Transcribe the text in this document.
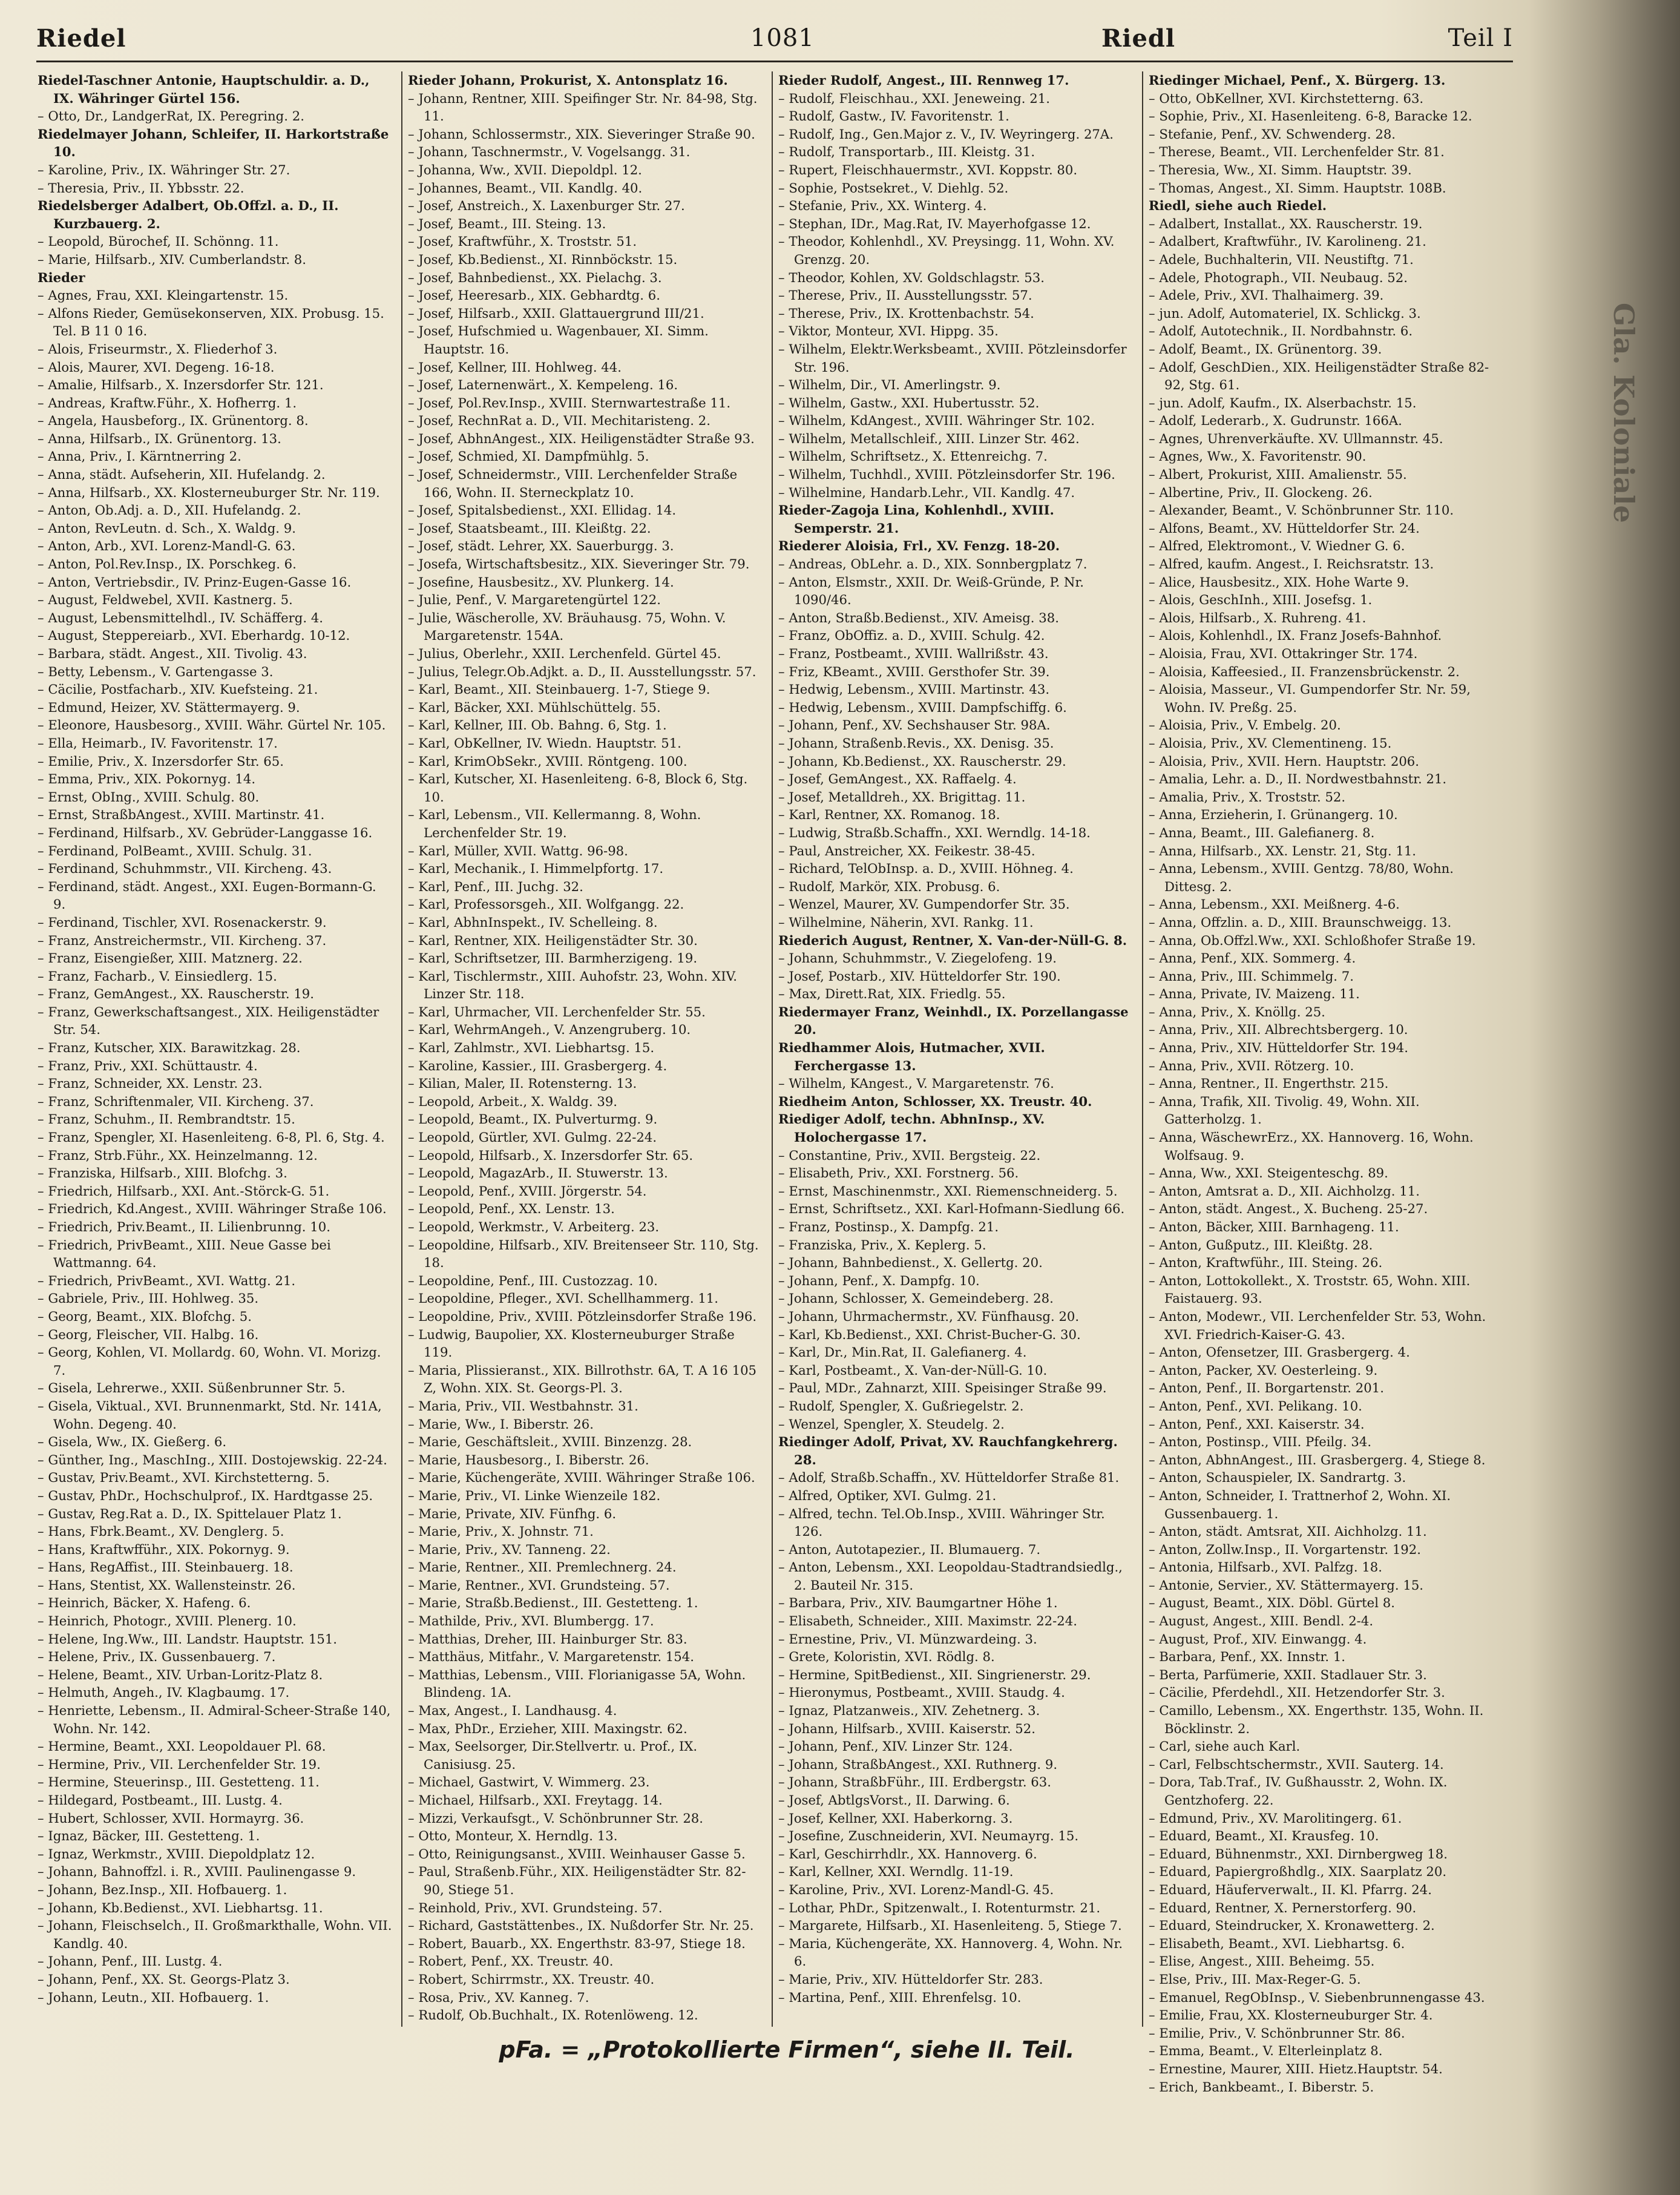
Riedel	1081	Riedl	Teil I
Riedel-Taschner Antonie, Hauptschuldir. a. D., IX. Währinger Gürtel 156.
– Otto, Dr., LandgerRat, IX. Peregring. 2.
Riedelmayer Johann, Schleifer, II. Harkortstraße 10.
– Karoline, Priv., IX. Währinger Str. 27.
– Theresia, Priv., II. Ybbsstr. 22.
Riedelsberger Adalbert, Ob.Offzl. a. D., II. Kurzbauerg. 2.
– Leopold, Bürochef, II. Schönng. 11.
– Marie, Hilfsarb., XIV. Cumberlandstr. 8.
Rieder
– Agnes, Frau, XXI. Kleingartenstr. 15.
– Alfons Rieder, Gemüsekonserven, XIX. Probusg. 15. Tel. B 11 0 16.
– Alois, Friseurmstr., X. Fliederhof 3.
– Alois, Maurer, XVI. Degeng. 16-18.
– Amalie, Hilfsarb., X. Inzersdorfer Str. 121.
– Andreas, Kraftw.Führ., X. Hofherrg. 1.
– Angela, Hausbeforg., IX. Grünentorg. 8.
– Anna, Hilfsarb., IX. Grünentorg. 13.
– Anna, Priv., I. Kärntnerring 2.
– Anna, städt. Aufseherin, XII. Hufelandg. 2.
– Anna, Hilfsarb., XX. Klosterneuburger Str. Nr. 119.
– Anton, Ob.Adj. a. D., XII. Hufelandg. 2.
– Anton, RevLeutn. d. Sch., X. Waldg. 9.
– Anton, Arb., XVI. Lorenz-Mandl-G. 63.
– Anton, Pol.Rev.Insp., IX. Porschkeg. 6.
– Anton, Vertriebsdir., IV. Prinz-Eugen-Gasse 16.
– August, Feldwebel, XVII. Kastnerg. 5.
– August, Lebensmittelhdl., IV. Schäfferg. 4.
– August, Steppereiarb., XVI. Eberhardg. 10-12.
– Barbara, städt. Angest., XII. Tivolig. 43.
– Betty, Lebensm., V. Gartengasse 3.
– Cäcilie, Postfacharb., XIV. Kuefsteing. 21.
– Edmund, Heizer, XV. Stättermayerg. 9.
– Eleonore, Hausbesorg., XVIII. Währ. Gürtel Nr. 105.
– Ella, Heimarb., IV. Favoritenstr. 17.
– Emilie, Priv., X. Inzersdorfer Str. 65.
– Emma, Priv., XIX. Pokornyg. 14.
– Ernst, ObIng., XVIII. Schulg. 80.
– Ernst, StraßbAngest., XVIII. Martinstr. 41.
– Ferdinand, Hilfsarb., XV. Gebrüder-Langgasse 16.
– Ferdinand, PolBeamt., XVIII. Schulg. 31.
– Ferdinand, Schuhmmstr., VII. Kircheng. 43.
– Ferdinand, städt. Angest., XXI. Eugen-Bormann-G. 9.
– Ferdinand, Tischler, XVI. Rosenackerstr. 9.
– Franz, Anstreichermstr., VII. Kircheng. 37.
– Franz, Eisengießer, XIII. Matznerg. 22.
– Franz, Facharb., V. Einsiedlerg. 15.
– Franz, GemAngest., XX. Rauscherstr. 19.
– Franz, Gewerkschaftsangest., XIX. Heiligenstädter Str. 54.
– Franz, Kutscher, XIX. Barawitzkag. 28.
– Franz, Priv., XXI. Schüttaustr. 4.
– Franz, Schneider, XX. Lenstr. 23.
– Franz, Schriftenmaler, VII. Kircheng. 37.
– Franz, Schuhm., II. Rembrandtstr. 15.
– Franz, Spengler, XI. Hasenleiteng. 6-8, Pl. 6, Stg. 4.
– Franz, Strb.Führ., XX. Heinzelmanng. 12.
– Franziska, Hilfsarb., XIII. Blofchg. 3.
– Friedrich, Hilfsarb., XXI. Ant.-Störck-G. 51.
– Friedrich, Kd.Angest., XVIII. Währinger Straße 106.
– Friedrich, Priv.Beamt., II. Lilienbrunng. 10.
– Friedrich, PrivBeamt., XIII. Neue Gasse bei Wattmanng. 64.
– Friedrich, PrivBeamt., XVI. Wattg. 21.
– Gabriele, Priv., III. Hohlweg. 35.
– Georg, Beamt., XIX. Blofchg. 5.
– Georg, Fleischer, VII. Halbg. 16.
– Georg, Kohlen, VI. Mollardg. 60, Wohn. VI. Morizg. 7.
– Gisela, Lehrerwe., XXII. Süßenbrunner Str. 5.
– Gisela, Viktual., XVI. Brunnenmarkt, Std. Nr. 141A, Wohn. Degeng. 40.
– Gisela, Ww., IX. Gießerg. 6.
– Günther, Ing., MaschIng., XIII. Dostojewskig. 22-24.
– Gustav, Priv.Beamt., XVI. Kirchstetterng. 5.
– Gustav, PhDr., Hochschulprof., IX. Hardtgasse 25.
– Gustav, Reg.Rat a. D., IX. Spittelauer Platz 1.
– Hans, Fbrk.Beamt., XV. Denglerg. 5.
– Hans, Kraftwfführ., XIX. Pokornyg. 9.
– Hans, RegAffist., III. Steinbauerg. 18.
– Hans, Stentist, XX. Wallensteinstr. 26.
– Heinrich, Bäcker, X. Hafeng. 6.
– Heinrich, Photogr., XVIII. Plenerg. 10.
– Helene, Ing.Ww., III. Landstr. Hauptstr. 151.
– Helene, Priv., IX. Gussenbauerg. 7.
– Helene, Beamt., XIV. Urban-Loritz-Platz 8.
– Helmuth, Angeh., IV. Klagbaumg. 17.
– Henriette, Lebensm., II. Admiral-Scheer-Straße 140, Wohn. Nr. 142.
– Hermine, Beamt., XXI. Leopoldauer Pl. 68.
– Hermine, Priv., VII. Lerchenfelder Str. 19.
– Hermine, Steuerinsp., III. Gestetteng. 11.
– Hildegard, Postbeamt., III. Lustg. 4.
– Hubert, Schlosser, XVII. Hormayrg. 36.
– Ignaz, Bäcker, III. Gestetteng. 1.
– Ignaz, Werkmstr., XVIII. Diepoldplatz 12.
– Johann, Bahnoffzl. i. R., XVIII. Paulinengasse 9.
– Johann, Bez.Insp., XII. Hofbauerg. 1.
– Johann, Kb.Bedienst., XVI. Liebhartsg. 11.
– Johann, Fleischselch., II. Großmarkthalle, Wohn. VII. Kandlg. 40.
– Johann, Penf., III. Lustg. 4.
– Johann, Penf., XX. St. Georgs-Platz 3.
– Johann, Leutn., XII. Hofbauerg. 1.
Rieder Johann, Prokurist, X. Antonsplatz 16.
– Johann, Rentner, XIII. Speifinger Str. Nr. 84-98, Stg. 11.
– Johann, Schlossermstr., XIX. Sieveringer Straße 90.
– Johann, Taschnermstr., V. Vogelsangg. 31.
– Johanna, Ww., XVII. Diepoldpl. 12.
– Johannes, Beamt., VII. Kandlg. 40.
– Josef, Anstreich., X. Laxenburger Str. 27.
– Josef, Beamt., III. Steing. 13.
– Josef, Kraftwführ., X. Troststr. 51.
– Josef, Kb.Bedienst., XI. Rinnböckstr. 15.
– Josef, Bahnbedienst., XX. Pielachg. 3.
– Josef, Heeresarb., XIX. Gebhardtg. 6.
– Josef, Hilfsarb., XXII. Glattauergrund III/21.
– Josef, Hufschmied u. Wagenbauer, XI. Simm. Hauptstr. 16.
– Josef, Kellner, III. Hohlweg. 44.
– Josef, Laternenwärt., X. Kempeleng. 16.
– Josef, Pol.Rev.Insp., XVIII. Sternwartestraße 11.
– Josef, RechnRat a. D., VII. Mechitaristeng. 2.
– Josef, AbhnAngest., XIX. Heiligenstädter Straße 93.
– Josef, Schmied, XI. Dampfmühlg. 5.
– Josef, Schneidermstr., VIII. Lerchenfelder Straße 166, Wohn. II. Sterneckplatz 10.
– Josef, Spitalsbedienst., XXI. Ellidag. 14.
– Josef, Staatsbeamt., III. Kleißtg. 22.
– Josef, städt. Lehrer, XX. Sauerburgg. 3.
– Josefa, Wirtschaftsbesitz., XIX. Sieveringer Str. 79.
– Josefine, Hausbesitz., XV. Plunkerg. 14.
– Julie, Penf., V. Margaretengürtel 122.
– Julie, Wäscherolle, XV. Bräuhausg. 75, Wohn. V. Margaretenstr. 154A.
– Julius, Oberlehr., XXII. Lerchenfeld. Gürtel 45.
– Julius, Telegr.Ob.Adjkt. a. D., II. Ausstellungsstr. 57.
– Karl, Beamt., XII. Steinbauerg. 1-7, Stiege 9.
– Karl, Bäcker, XXI. Mühlschüttelg. 55.
– Karl, Kellner, III. Ob. Bahng. 6, Stg. 1.
– Karl, ObKellner, IV. Wiedn. Hauptstr. 51.
– Karl, KrimObSekr., XVIII. Röntgeng. 100.
– Karl, Kutscher, XI. Hasenleiteng. 6-8, Block 6, Stg. 10.
– Karl, Lebensm., VII. Kellermanng. 8, Wohn. Lerchenfelder Str. 19.
– Karl, Müller, XVII. Wattg. 96-98.
– Karl, Mechanik., I. Himmelpfortg. 17.
– Karl, Penf., III. Juchg. 32.
– Karl, Professorsgeh., XII. Wolfgangg. 22.
– Karl, AbhnInspekt., IV. Schelleing. 8.
– Karl, Rentner, XIX. Heiligenstädter Str. 30.
– Karl, Schriftsetzer, III. Barmherzigeng. 19.
– Karl, Tischlermstr., XIII. Auhofstr. 23, Wohn. XIV. Linzer Str. 118.
– Karl, Uhrmacher, VII. Lerchenfelder Str. 55.
– Karl, WehrmAngeh., V. Anzengruberg. 10.
– Karl, Zahlmstr., XVI. Liebhartsg. 15.
– Karoline, Kassier., III. Grasbergerg. 4.
– Kilian, Maler, II. Rotensterng. 13.
– Leopold, Arbeit., X. Waldg. 39.
– Leopold, Beamt., IX. Pulverturmg. 9.
– Leopold, Gürtler, XVI. Gulmg. 22-24.
– Leopold, Hilfsarb., X. Inzersdorfer Str. 65.
– Leopold, MagazArb., II. Stuwerstr. 13.
– Leopold, Penf., XVIII. Jörgerstr. 54.
– Leopold, Penf., XX. Lenstr. 13.
– Leopold, Werkmstr., V. Arbeiterg. 23.
– Leopoldine, Hilfsarb., XIV. Breitenseer Str. 110, Stg. 18.
– Leopoldine, Penf., III. Custozzag. 10.
– Leopoldine, Pfleger., XVI. Schellhammerg. 11.
– Leopoldine, Priv., XVIII. Pötzleinsdorfer Straße 196.
– Ludwig, Baupolier, XX. Klosterneuburger Straße 119.
– Maria, Plissieranst., XIX. Billrothstr. 6A, T. A 16 105 Z, Wohn. XIX. St. Georgs-Pl. 3.
– Maria, Priv., VII. Westbahnstr. 31.
– Marie, Ww., I. Biberstr. 26.
– Marie, Geschäftsleit., XVIII. Binzenzg. 28.
– Marie, Hausbesorg., I. Biberstr. 26.
– Marie, Küchengeräte, XVIII. Währinger Straße 106.
– Marie, Priv., VI. Linke Wienzeile 182.
– Marie, Private, XIV. Fünfhg. 6.
– Marie, Priv., X. Johnstr. 71.
– Marie, Priv., XV. Tanneng. 22.
– Marie, Rentner., XII. Premlechnerg. 24.
– Marie, Rentner., XVI. Grundsteing. 57.
– Marie, Straßb.Bedienst., III. Gestetteng. 1.
– Mathilde, Priv., XVI. Blumbergg. 17.
– Matthias, Dreher, III. Hainburger Str. 83.
– Matthäus, Mitfahr., V. Margaretenstr. 154.
– Matthias, Lebensm., VIII. Florianigasse 5A, Wohn. Blindeng. 1A.
– Max, Angest., I. Landhausg. 4.
– Max, PhDr., Erzieher, XIII. Maxingstr. 62.
– Max, Seelsorger, Dir.Stellvertr. u. Prof., IX. Canisiusg. 25.
– Michael, Gastwirt, V. Wimmerg. 23.
– Michael, Hilfsarb., XXI. Freytagg. 14.
– Mizzi, Verkaufsgt., V. Schönbrunner Str. 28.
– Otto, Monteur, X. Herndlg. 13.
– Otto, Reinigungsanst., XVIII. Weinhauser Gasse 5.
– Paul, Straßenb.Führ., XIX. Heiligenstädter Str. 82-90, Stiege 51.
– Reinhold, Priv., XVI. Grundsteing. 57.
– Richard, Gaststättenbes., IX. Nußdorfer Str. Nr. 25.
– Robert, Bauarb., XX. Engerthstr. 83-97, Stiege 18.
– Robert, Penf., XX. Treustr. 40.
– Robert, Schirrmstr., XX. Treustr. 40.
– Rosa, Priv., XV. Kanneg. 7.
– Rudolf, Ob.Buchhalt., IX. Rotenlöweng. 12.
Rieder Rudolf, Angest., III. Rennweg 17.
– Rudolf, Fleischhau., XXI. Jeneweing. 21.
– Rudolf, Gastw., IV. Favoritenstr. 1.
– Rudolf, Ing., Gen.Major z. V., IV. Weyringerg. 27A.
– Rudolf, Transportarb., III. Kleistg. 31.
– Rupert, Fleischhauermstr., XVI. Koppstr. 80.
– Sophie, Postsekret., V. Diehlg. 52.
– Stefanie, Priv., XX. Winterg. 4.
– Stephan, IDr., Mag.Rat, IV. Mayerhofgasse 12.
– Theodor, Kohlenhdl., XV. Preysingg. 11, Wohn. XV. Grenzg. 20.
– Theodor, Kohlen, XV. Goldschlagstr. 53.
– Therese, Priv., II. Ausstellungsstr. 57.
– Therese, Priv., IX. Krottenbachstr. 54.
– Viktor, Monteur, XVI. Hippg. 35.
– Wilhelm, Elektr.Werksbeamt., XVIII. Pötzleinsdorfer Str. 196.
– Wilhelm, Dir., VI. Amerlingstr. 9.
– Wilhelm, Gastw., XXI. Hubertusstr. 52.
– Wilhelm, KdAngest., XVIII. Währinger Str. 102.
– Wilhelm, Metallschleif., XIII. Linzer Str. 462.
– Wilhelm, Schriftsetz., X. Ettenreichg. 7.
– Wilhelm, Tuchhdl., XVIII. Pötzleinsdorfer Str. 196.
– Wilhelmine, Handarb.Lehr., VII. Kandlg. 47.
Rieder-Zagoja Lina, Kohlenhdl., XVIII. Semperstr. 21.
Riederer Aloisia, Frl., XV. Fenzg. 18-20.
– Andreas, ObLehr. a. D., XIX. Sonnbergplatz 7.
– Anton, Elsmstr., XXII. Dr. Weiß-Gründe, P. Nr. 1090/46.
– Anton, Straßb.Bedienst., XIV. Ameisg. 38.
– Franz, ObOffiz. a. D., XVIII. Schulg. 42.
– Franz, Postbeamt., XVIII. Wallrißstr. 43.
– Friz, KBeamt., XVIII. Gersthofer Str. 39.
– Hedwig, Lebensm., XVIII. Martinstr. 43.
– Hedwig, Lebensm., XVIII. Dampfschiffg. 6.
– Johann, Penf., XV. Sechshauser Str. 98A.
– Johann, Straßenb.Revis., XX. Denisg. 35.
– Johann, Kb.Bedienst., XX. Rauscherstr. 29.
– Josef, GemAngest., XX. Raffaelg. 4.
– Josef, Metalldreh., XX. Brigittag. 11.
– Karl, Rentner, XX. Romanog. 18.
– Ludwig, Straßb.Schaffn., XXI. Werndlg. 14-18.
– Paul, Anstreicher, XX. Feikestr. 38-45.
– Richard, TelObInsp. a. D., XVIII. Höhneg. 4.
– Rudolf, Markör, XIX. Probusg. 6.
– Wenzel, Maurer, XV. Gumpendorfer Str. 35.
– Wilhelmine, Näherin, XVI. Rankg. 11.
Riederich August, Rentner, X. Van-der-Nüll-G. 8.
– Johann, Schuhmmstr., V. Ziegelofeng. 19.
– Josef, Postarb., XIV. Hütteldorfer Str. 190.
– Max, Dirett.Rat, XIX. Friedlg. 55.
Riedermayer Franz, Weinhdl., IX. Porzellangasse 20.
Riedhammer Alois, Hutmacher, XVII. Ferchergasse 13.
– Wilhelm, KAngest., V. Margaretenstr. 76.
Riedheim Anton, Schlosser, XX. Treustr. 40.
Riediger Adolf, techn. AbhnInsp., XV. Holochergasse 17.
– Constantine, Priv., XVII. Bergsteig. 22.
– Elisabeth, Priv., XXI. Forstnerg. 56.
– Ernst, Maschinenmstr., XXI. Riemenschneiderg. 5.
– Ernst, Schriftsetz., XXI. Karl-Hofmann-Siedlung 66.
– Franz, Postinsp., X. Dampfg. 21.
– Franziska, Priv., X. Keplerg. 5.
– Johann, Bahnbedienst., X. Gellertg. 20.
– Johann, Penf., X. Dampfg. 10.
– Johann, Schlosser, X. Gemeindeberg. 28.
– Johann, Uhrmachermstr., XV. Fünfhausg. 20.
– Karl, Kb.Bedienst., XXI. Christ-Bucher-G. 30.
– Karl, Dr., Min.Rat, II. Galefianerg. 4.
– Karl, Postbeamt., X. Van-der-Nüll-G. 10.
– Paul, MDr., Zahnarzt, XIII. Speisinger Straße 99.
– Rudolf, Spengler, X. Gußriegelstr. 2.
– Wenzel, Spengler, X. Steudelg. 2.
Riedinger Adolf, Privat, XV. Rauchfangkehrerg. 28.
– Adolf, Straßb.Schaffn., XV. Hütteldorfer Straße 81.
– Alfred, Optiker, XVI. Gulmg. 21.
– Alfred, techn. Tel.Ob.Insp., XVIII. Währinger Str. 126.
– Anton, Autotapezier., II. Blumauerg. 7.
– Anton, Lebensm., XXI. Leopoldau-Stadtrandsiedlg., 2. Bauteil Nr. 315.
– Barbara, Priv., XIV. Baumgartner Höhe 1.
– Elisabeth, Schneider., XIII. Maximstr. 22-24.
– Ernestine, Priv., VI. Münzwardeing. 3.
– Grete, Koloristin, XVI. Rödlg. 8.
– Hermine, SpitBedienst., XII. Singrienerstr. 29.
– Hieronymus, Postbeamt., XVIII. Staudg. 4.
– Ignaz, Platzanweis., XIV. Zehetnerg. 3.
– Johann, Hilfsarb., XVIII. Kaiserstr. 52.
– Johann, Penf., XIV. Linzer Str. 124.
– Johann, StraßbAngest., XXI. Ruthnerg. 9.
– Johann, StraßbFühr., III. Erdbergstr. 63.
– Josef, AbtlgsVorst., II. Darwing. 6.
– Josef, Kellner, XXI. Haberkorng. 3.
– Josefine, Zuschneiderin, XVI. Neumayrg. 15.
– Karl, Geschirrhdlr., XX. Hannoverg. 6.
– Karl, Kellner, XXI. Werndlg. 11-19.
– Karoline, Priv., XVI. Lorenz-Mandl-G. 45.
– Lothar, PhDr., Spitzenwalt., I. Rotenturmstr. 21.
– Margarete, Hilfsarb., XI. Hasenleiteng. 5, Stiege 7.
– Maria, Küchengeräte, XX. Hannoverg. 4, Wohn. Nr. 6.
– Marie, Priv., XIV. Hütteldorfer Str. 283.
– Martina, Penf., XIII. Ehrenfelsg. 10.
Riedinger Michael, Penf., X. Bürgerg. 13.
– Otto, ObKellner, XVI. Kirchstetterng. 63.
– Sophie, Priv., XI. Hasenleiteng. 6-8, Baracke 12.
– Stefanie, Penf., XV. Schwenderg. 28.
– Therese, Beamt., VII. Lerchenfelder Str. 81.
– Theresia, Ww., XI. Simm. Hauptstr. 39.
– Thomas, Angest., XI. Simm. Hauptstr. 108B.
Riedl, siehe auch Riedel.
– Adalbert, Installat., XX. Rauscherstr. 19.
– Adalbert, Kraftwführ., IV. Karolineng. 21.
– Adele, Buchhalterin, VII. Neustiftg. 71.
– Adele, Photograph., VII. Neubaug. 52.
– Adele, Priv., XVI. Thalhaimerg. 39.
– jun. Adolf, Automateriel, IX. Schlickg. 3.
– Adolf, Autotechnik., II. Nordbahnstr. 6.
– Adolf, Beamt., IX. Grünentorg. 39.
– Adolf, GeschDien., XIX. Heiligenstädter Straße 82-92, Stg. 61.
– jun. Adolf, Kaufm., IX. Alserbachstr. 15.
– Adolf, Lederarb., X. Gudrunstr. 166A.
– Agnes, Uhrenverkäufte. XV. Ullmannstr. 45.
– Agnes, Ww., X. Favoritenstr. 90.
– Albert, Prokurist, XIII. Amalienstr. 55.
– Albertine, Priv., II. Glockeng. 26.
– Alexander, Beamt., V. Schönbrunner Str. 110.
– Alfons, Beamt., XV. Hütteldorfer Str. 24.
– Alfred, Elektromont., V. Wiedner G. 6.
– Alfred, kaufm. Angest., I. Reichsratstr. 13.
– Alice, Hausbesitz., XIX. Hohe Warte 9.
– Alois, GeschInh., XIII. Josefsg. 1.
– Alois, Hilfsarb., X. Ruhreng. 41.
– Alois, Kohlenhdl., IX. Franz Josefs-Bahnhof.
– Aloisia, Frau, XVI. Ottakringer Str. 174.
– Aloisia, Kaffeesied., II. Franzensbrückenstr. 2.
– Aloisia, Masseur., VI. Gumpendorfer Str. Nr. 59, Wohn. IV. Preßg. 25.
– Aloisia, Priv., V. Embelg. 20.
– Aloisia, Priv., XV. Clementineng. 15.
– Aloisia, Priv., XVII. Hern. Hauptstr. 206.
– Amalia, Lehr. a. D., II. Nordwestbahnstr. 21.
– Amalia, Priv., X. Troststr. 52.
– Anna, Erzieherin, I. Grünangerg. 10.
– Anna, Beamt., III. Galefianerg. 8.
– Anna, Hilfsarb., XX. Lenstr. 21, Stg. 11.
– Anna, Lebensm., XVIII. Gentzg. 78/80, Wohn. Dittesg. 2.
– Anna, Lebensm., XXI. Meißnerg. 4-6.
– Anna, Offzlin. a. D., XIII. Braunschweigg. 13.
– Anna, Ob.Offzl.Ww., XXI. Schloßhofer Straße 19.
– Anna, Penf., XIX. Sommerg. 4.
– Anna, Priv., III. Schimmelg. 7.
– Anna, Private, IV. Maizeng. 11.
– Anna, Priv., X. Knöllg. 25.
– Anna, Priv., XII. Albrechtsbergerg. 10.
– Anna, Priv., XIV. Hütteldorfer Str. 194.
– Anna, Priv., XVII. Rötzerg. 10.
– Anna, Rentner., II. Engerthstr. 215.
– Anna, Trafik, XII. Tivolig. 49, Wohn. XII. Gatterholzg. 1.
– Anna, WäschewrErz., XX. Hannoverg. 16, Wohn. Wolfsaug. 9.
– Anna, Ww., XXI. Steigenteschg. 89.
– Anton, Amtsrat a. D., XII. Aichholzg. 11.
– Anton, städt. Angest., X. Bucheng. 25-27.
– Anton, Bäcker, XIII. Barnhageng. 11.
– Anton, Gußputz., III. Kleißtg. 28.
– Anton, Kraftwführ., III. Steing. 26.
– Anton, Lottokollekt., X. Troststr. 65, Wohn. XIII. Faistauerg. 93.
– Anton, Modewr., VII. Lerchenfelder Str. 53, Wohn. XVI. Friedrich-Kaiser-G. 43.
– Anton, Ofensetzer, III. Grasbergerg. 4.
– Anton, Packer, XV. Oesterleing. 9.
– Anton, Penf., II. Borgartenstr. 201.
– Anton, Penf., XVI. Pelikang. 10.
– Anton, Penf., XXI. Kaiserstr. 34.
– Anton, Postinsp., VIII. Pfeilg. 34.
– Anton, AbhnAngest., III. Grasbergerg. 4, Stiege 8.
– Anton, Schauspieler, IX. Sandrartg. 3.
– Anton, Schneider, I. Trattnerhof 2, Wohn. XI. Gussenbauerg. 1.
– Anton, städt. Amtsrat, XII. Aichholzg. 11.
– Anton, Zollw.Insp., II. Vorgartenstr. 192.
– Antonia, Hilfsarb., XVI. Palfzg. 18.
– Antonie, Servier., XV. Stättermayerg. 15.
– August, Beamt., XIX. Döbl. Gürtel 8.
– August, Angest., XIII. Bendl. 2-4.
– August, Prof., XIV. Einwangg. 4.
– Barbara, Penf., XX. Innstr. 1.
– Berta, Parfümerie, XXII. Stadlauer Str. 3.
– Cäcilie, Pferdehdl., XII. Hetzendorfer Str. 3.
– Camillo, Lebensm., XX. Engerthstr. 135, Wohn. II. Böcklinstr. 2.
– Carl, siehe auch Karl.
– Carl, Felbschtschermstr., XVII. Sauterg. 14.
– Dora, Tab.Traf., IV. Gußhausstr. 2, Wohn. IX. Gentzhoferg. 22.
– Edmund, Priv., XV. Marolitingerg. 61.
– Eduard, Beamt., XI. Krausfeg. 10.
– Eduard, Bühnenmstr., XXI. Dirnbergweg 18.
– Eduard, Papiergroßhdlg., XIX. Saarplatz 20.
– Eduard, Häuferverwalt., II. Kl. Pfarrg. 24.
– Eduard, Rentner, X. Pernerstorferg. 90.
– Eduard, Steindrucker, X. Kronawetterg. 2.
– Elisabeth, Beamt., XVI. Liebhartsg. 6.
– Elise, Angest., XIII. Beheimg. 55.
– Else, Priv., III. Max-Reger-G. 5.
– Emanuel, RegObInsp., V. Siebenbrunnengasse 43.
– Emilie, Frau, XX. Klosterneuburger Str. 4.
– Emilie, Priv., V. Schönbrunner Str. 86.
– Emma, Beamt., V. Elterleinplatz 8.
– Ernestine, Maurer, XIII. Hietz.Hauptstr. 54.
– Erich, Bankbeamt., I. Biberstr. 5.
pFa. = „Protokollierte Firmen“, siehe II. Teil.
Gla. Koloniale
